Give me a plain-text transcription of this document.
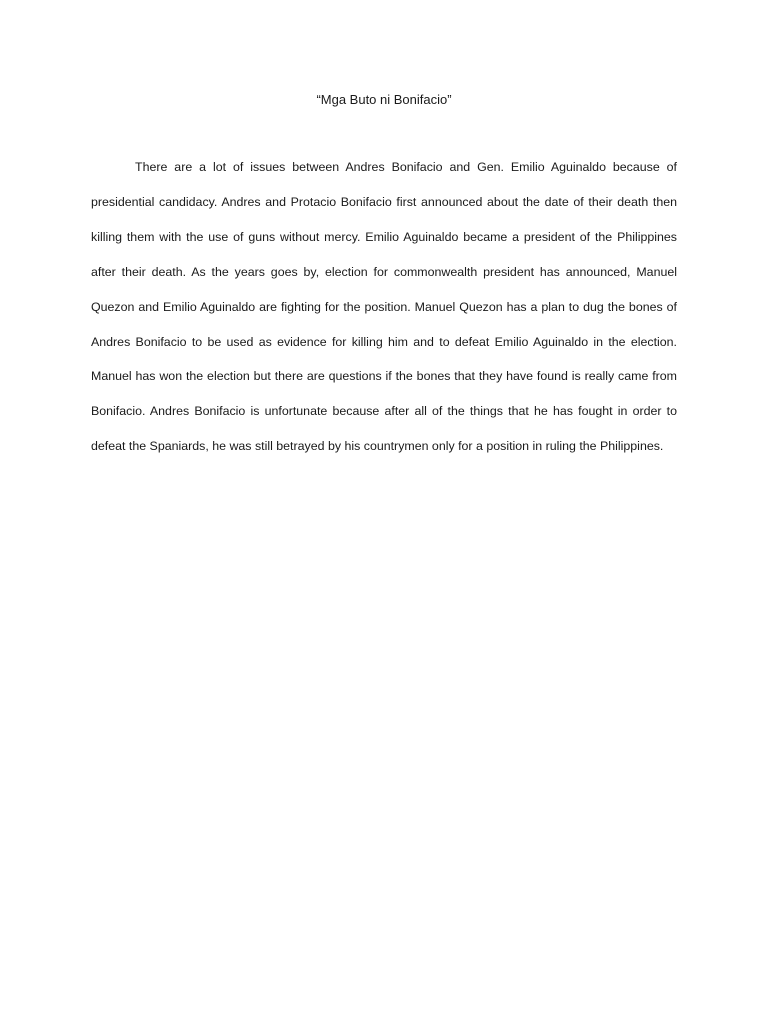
“Mga Buto ni Bonifacio”

There are a lot of issues between Andres Bonifacio and Gen. Emilio Aguinaldo because of presidential candidacy. Andres and Protacio Bonifacio first announced about the date of their death then killing them with the use of guns without mercy. Emilio Aguinaldo became a president of the Philippines after their death. As the years goes by, election for commonwealth president has announced, Manuel Quezon and Emilio Aguinaldo are fighting for the position. Manuel Quezon has a plan to dug the bones of Andres Bonifacio to be used as evidence for killing him and to defeat Emilio Aguinaldo in the election. Manuel has won the election but there are questions if the bones that they have found is really came from Bonifacio. Andres Bonifacio is unfortunate because after all of the things that he has fought in order to defeat the Spaniards, he was still betrayed by his countrymen only for a position in ruling the Philippines.
